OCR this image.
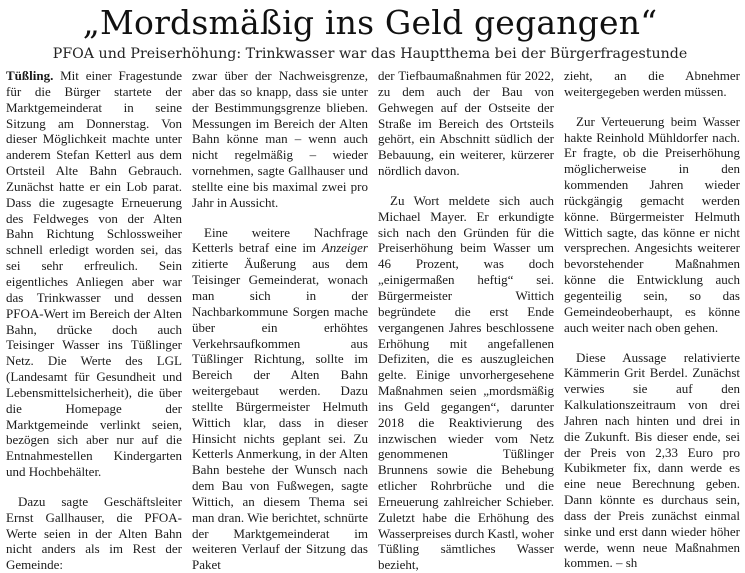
„Mordsmäßig ins Geld gegangen“
PFOA und Preiserhöhung: Trinkwasser war das Hauptthema bei der Bürgerfragestunde

Tüßling. Mit einer Fragestunde für die Bürger startete der Marktgemeinderat in seine Sitzung am Donnerstag. Von dieser Möglichkeit machte unter anderem Stefan Ketterl aus dem Ortsteil Alte Bahn Gebrauch. Zunächst hatte er ein Lob parat. Dass die zugesagte Erneuerung des Feldweges von der Alten Bahn Richtung Schlossweiher schnell erledigt worden sei, das sei sehr erfreulich. Sein eigentliches Anliegen aber war das Trinkwasser und dessen PFOA-Wert im Bereich der Alten Bahn, drücke doch auch Teisinger Wasser ins Tüßlinger Netz. Die Werte des LGL (Landesamt für Gesundheit und Lebensmittelsicherheit), die über die Homepage der Marktgemeinde verlinkt seien, bezögen sich aber nur auf die Entnahmestellen Kindergarten und Hochbehälter.

Dazu sagte Geschäftsleiter Ernst Gallhauser, die PFOA-Werte seien in der Alten Bahn nicht anders als im Rest der Gemeinde:

zwar über der Nachweisgrenze, aber das so knapp, dass sie unter der Bestimmungsgrenze blieben. Messungen im Bereich der Alten Bahn könne man – wenn auch nicht regelmäßig – wieder vornehmen, sagte Gallhauser und stellte eine bis maximal zwei pro Jahr in Aussicht.

Eine weitere Nachfrage Ketterls betraf eine im Anzeiger zitierte Äußerung aus dem Teisinger Gemeinderat, wonach man sich in der Nachbarkommune Sorgen mache über ein erhöhtes Verkehrsaufkommen aus Tüßlinger Richtung, sollte im Bereich der Alten Bahn weitergebaut werden. Dazu stellte Bürgermeister Helmuth Wittich klar, dass in dieser Hinsicht nichts geplant sei. Zu Ketterls Anmerkung, in der Alten Bahn bestehe der Wunsch nach dem Bau von Fußwegen, sagte Wittich, an diesem Thema sei man dran. Wie berichtet, schnürte der Marktgemeinderat im weiteren Verlauf der Sitzung das Paket

der Tiefbaumaßnahmen für 2022, zu dem auch der Bau von Gehwegen auf der Ostseite der Straße im Bereich des Ortsteils gehört, ein Abschnitt südlich der Bebauung, ein weiterer, kürzerer nördlich davon.

Zu Wort meldete sich auch Michael Mayer. Er erkundigte sich nach den Gründen für die Preiserhöhung beim Wasser um 46 Prozent, was doch „einigermaßen heftig“ sei. Bürgermeister Wittich begründete die erst Ende vergangenen Jahres beschlossene Erhöhung mit angefallenen Defiziten, die es auszugleichen gelte. Einige unvorhergesehene Maßnahmen seien „mordsmäßig ins Geld gegangen“, darunter 2018 die Reaktivierung des inzwischen wieder vom Netz genommenen Tüßlinger Brunnens sowie die Behebung etlicher Rohrbrüche und die Erneuerung zahlreicher Schieber. Zuletzt habe die Erhöhung des Wasserpreises durch Kastl, woher Tüßling sämtliches Wasser bezieht,

zieht, an die Abnehmer weitergegeben werden müssen.

Zur Verteuerung beim Wasser hakte Reinhold Mühldorfer nach. Er fragte, ob die Preiserhöhung möglicherweise in den kommenden Jahren wieder rückgängig gemacht werden könne. Bürgermeister Helmuth Wittich sagte, das könne er nicht versprechen. Angesichts weiterer bevorstehender Maßnahmen könne die Entwicklung auch gegenteilig sein, so das Gemeindeoberhaupt, es könne auch weiter nach oben gehen.

Diese Aussage relativierte Kämmerin Grit Berdel. Zunächst verwies sie auf den Kalkulationszeitraum von drei Jahren nach hinten und drei in die Zukunft. Bis dieser ende, sei der Preis von 2,33 Euro pro Kubikmeter fix, dann werde es eine neue Berechnung geben. Dann könnte es durchaus sein, dass der Preis zunächst einmal sinke und erst dann wieder höher werde, wenn neue Maßnahmen kommen. – sh
